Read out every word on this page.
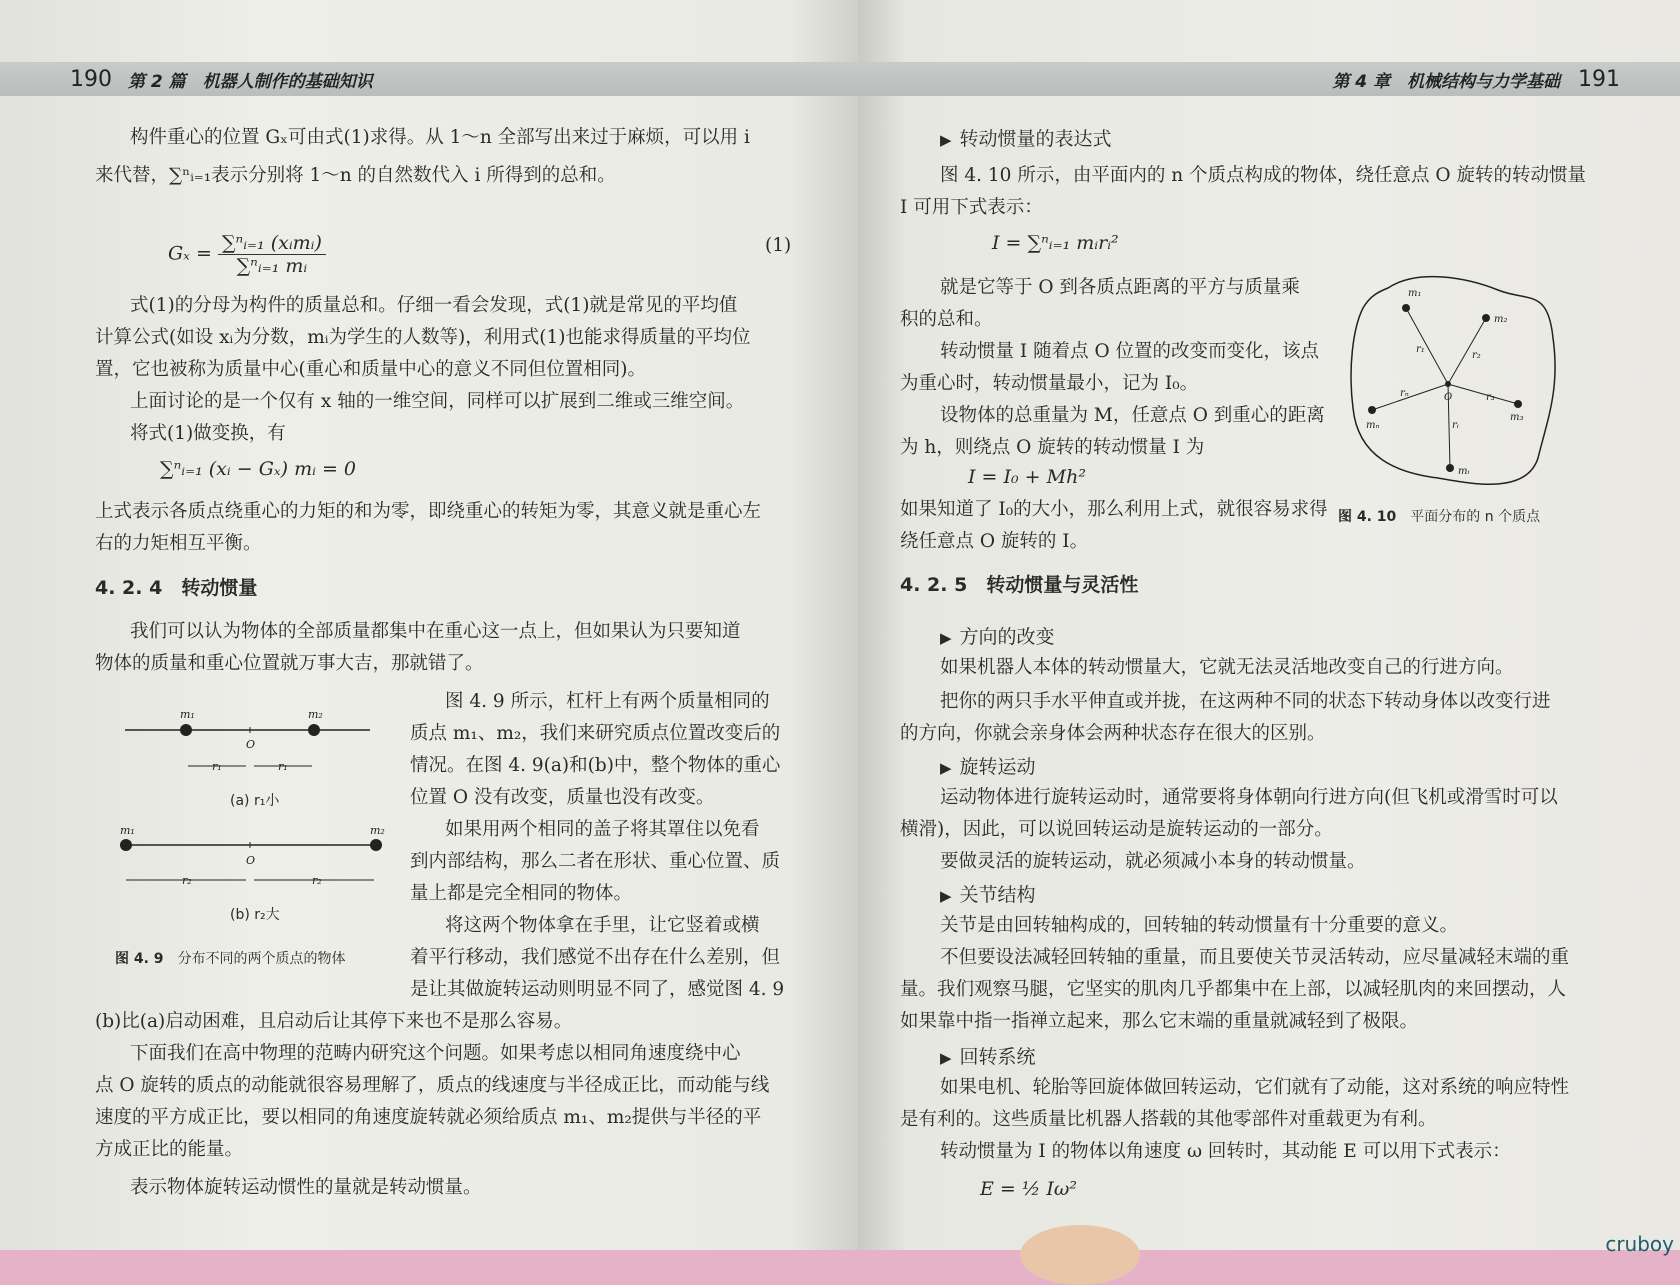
190 第 2 篇　机器人制作的基础知识
构件重心的位置 Gₓ可由式(1)求得。从 1～n 全部写出来过于麻烦，可以用 i
来代替，∑ⁿᵢ₌₁表示分别将 1～n 的自然数代入 i 所得到的总和。
$G_x = \frac{\text{∑ⁿᵢ₌₁ (xᵢmᵢ)}}{\text{∑ⁿᵢ₌₁ mᵢ}}$	(1)
式(1)的分母为构件的质量总和。仔细一看会发现，式(1)就是常见的平均值
计算公式(如设 xᵢ为分数，mᵢ为学生的人数等)，利用式(1)也能求得质量的平均位
置，它也被称为质量中心(重心和质量中心的意义不同但位置相同)。
上面讨论的是一个仅有 x 轴的一维空间，同样可以扩展到二维或三维空间。
将式(1)做变换，有
∑ⁿᵢ₌₁ (xᵢ − Gₓ) mᵢ = 0
上式表示各质点绕重心的力矩的和为零，即绕重心的转矩为零，其意义就是重心左
右的力矩相互平衡。
4. 2. 4　转动惯量
我们可以认为物体的全部质量都集中在重心这一点上，但如果认为只要知道
物体的质量和重心位置就万事大吉，那就错了。
图 4. 9 所示，杠杆上有两个质量相同的
质点 m₁、m₂，我们来研究质点位置改变后的
情况。在图 4. 9(a)和(b)中，整个物体的重心
位置 O 没有改变，质量也没有改变。
如果用两个相同的盖子将其罩住以免看
到内部结构，那么二者在形状、重心位置、质
量上都是完全相同的物体。
将这两个物体拿在手里，让它竖着或横
着平行移动，我们感觉不出存在什么差别，但
是让其做旋转运动则明显不同了，感觉图 4. 9
(b)比(a)启动困难，且启动后让其停下来也不是那么容易。
m₁	m₂
O
r₁	r₁
m₁	m₂
O
r₂	r₂
(a) r₁小
(b) r₂大
图 4. 9 分布不同的两个质点的物体
下面我们在高中物理的范畴内研究这个问题。如果考虑以相同角速度绕中心
点 O 旋转的质点的动能就很容易理解了，质点的线速度与半径成正比，而动能与线
速度的平方成正比，要以相同的角速度旋转就必须给质点 m₁、m₂提供与半径的平
方成正比的能量。
表示物体旋转运动惯性的量就是转动惯量。
第 4 章　机械结构与力学基础 191
▶ 转动惯量的表达式
图 4. 10 所示，由平面内的 n 个质点构成的物体，绕任意点 O 旋转的转动惯量
I 可用下式表示：
I = ∑ⁿᵢ₌₁ mᵢrᵢ²
就是它等于 O 到各质点距离的平方与质量乘
积的总和。
转动惯量 I 随着点 O 位置的改变而变化，该点
为重心时，转动惯量最小，记为 I₀。
设物体的总重量为 M，任意点 O 到重心的距离
为 h，则绕点 O 旋转的转动惯量 I 为
I = I₀ + Mh²
如果知道了 I₀的大小，那么利用上式，就很容易求得
绕任意点 O 旋转的 I。
m₁
m₂
m₃
mᵢ
mₙ
r₁
r₂
r₃
rᵢ
rₙ	O
图 4. 10 平面分布的 n 个质点
4. 2. 5　转动惯量与灵活性
▶ 方向的改变
如果机器人本体的转动惯量大，它就无法灵活地改变自己的行进方向。
把你的两只手水平伸直或并拢，在这两种不同的状态下转动身体以改变行进
的方向，你就会亲身体会两种状态存在很大的区别。
▶ 旋转运动
运动物体进行旋转运动时，通常要将身体朝向行进方向(但飞机或滑雪时可以
横滑)，因此，可以说回转运动是旋转运动的一部分。
要做灵活的旋转运动，就必须减小本身的转动惯量。
▶ 关节结构
关节是由回转轴构成的，回转轴的转动惯量有十分重要的意义。
不但要设法减轻回转轴的重量，而且要使关节灵活转动，应尽量减轻末端的重
量。我们观察马腿，它坚实的肌肉几乎都集中在上部，以减轻肌肉的来回摆动，人
如果靠中指一指禅立起来，那么它末端的重量就减轻到了极限。
▶ 回转系统
如果电机、轮胎等回旋体做回转运动，它们就有了动能，这对系统的响应特性
是有利的。这些质量比机器人搭载的其他零部件对重载更为有利。
转动惯量为 I 的物体以角速度 ω 回转时，其动能 E 可以用下式表示：
E = ½ Iω²
cruboy
